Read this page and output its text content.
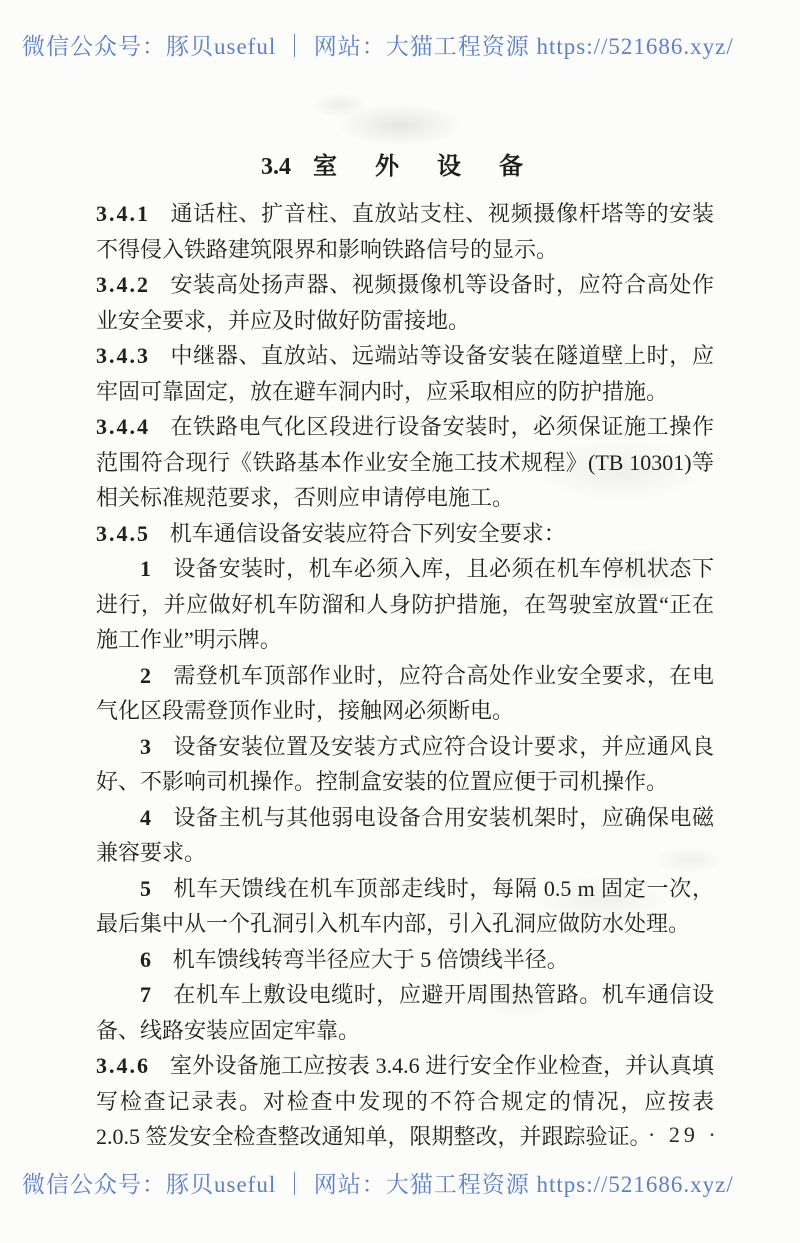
微信公众号：豚贝useful ｜ 网站：大猫工程资源 https://521686.xyz/
3.4 室 外 设 备

3.4.1 通话柱、扩音柱、直放站支柱、视频摄像杆塔等的安装不得侵入铁路建筑限界和影响铁路信号的显示。

3.4.2 安装高处扬声器、视频摄像机等设备时，应符合高处作业安全要求，并应及时做好防雷接地。

3.4.3 中继器、直放站、远端站等设备安装在隧道壁上时，应牢固可靠固定，放在避车洞内时，应采取相应的防护措施。

3.4.4 在铁路电气化区段进行设备安装时，必须保证施工操作范围符合现行《铁路基本作业安全施工技术规程》(TB 10301)等相关标准规范要求，否则应申请停电施工。

3.4.5 机车通信设备安装应符合下列安全要求：

1 设备安装时，机车必须入库，且必须在机车停机状态下进行，并应做好机车防溜和人身防护措施，在驾驶室放置“正在施工作业”明示牌。

2 需登机车顶部作业时，应符合高处作业安全要求，在电气化区段需登顶作业时，接触网必须断电。

3 设备安装位置及安装方式应符合设计要求，并应通风良好、不影响司机操作。控制盒安装的位置应便于司机操作。

4 设备主机与其他弱电设备合用安装机架时，应确保电磁兼容要求。

5 机车天馈线在机车顶部走线时，每隔 0.5 m 固定一次，最后集中从一个孔洞引入机车内部，引入孔洞应做防水处理。

6 机车馈线转弯半径应大于 5 倍馈线半径。

7 在机车上敷设电缆时，应避开周围热管路。机车通信设备、线路安装应固定牢靠。

3.4.6 室外设备施工应按表 3.4.6 进行安全作业检查，并认真填写检查记录表。对检查中发现的不符合规定的情况，应按表 2.0.5 签发安全检查整改通知单，限期整改，并跟踪验证。

· 29 ·
微信公众号：豚贝useful ｜ 网站：大猫工程资源 https://521686.xyz/
